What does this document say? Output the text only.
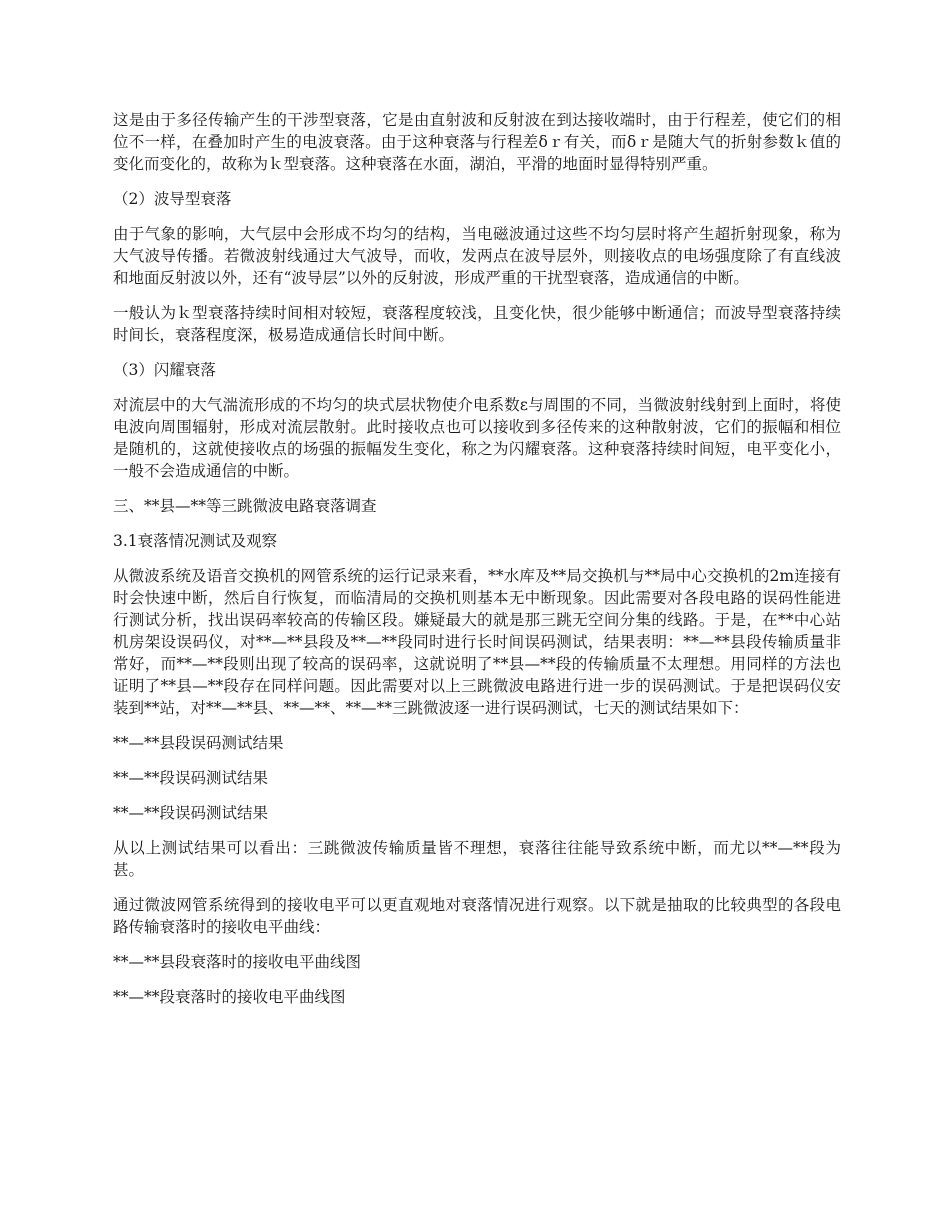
这是由于多径传输产生的干涉型衰落，它是由直射波和反射波在到达接收端时，由于行程差，使它们的相位不一样，在叠加时产生的电波衰落。由于这种衰落与行程差δｒ有关，而δｒ是随大气的折射参数ｋ值的变化而变化的，故称为ｋ型衰落。这种衰落在水面，湖泊，平滑的地面时显得特别严重。

（2）波导型衰落

由于气象的影响，大气层中会形成不均匀的结构，当电磁波通过这些不均匀层时将产生超折射现象，称为大气波导传播。若微波射线通过大气波导，而收，发两点在波导层外，则接收点的电场强度除了有直线波和地面反射波以外，还有“波导层”以外的反射波，形成严重的干扰型衰落，造成通信的中断。

一般认为ｋ型衰落持续时间相对较短，衰落程度较浅，且变化快，很少能够中断通信；而波导型衰落持续时间长，衰落程度深，极易造成通信长时间中断。

（3）闪耀衰落

对流层中的大气湍流形成的不均匀的块式层状物使介电系数ε与周围的不同，当微波射线射到上面时，将使电波向周围辐射，形成对流层散射。此时接收点也可以接收到多径传来的这种散射波，它们的振幅和相位是随机的，这就使接收点的场强的振幅发生变化，称之为闪耀衰落。这种衰落持续时间短，电平变化小，一般不会造成通信的中断。

三、**县—**等三跳微波电路衰落调查

3.1衰落情况测试及观察

从微波系统及语音交换机的网管系统的运行记录来看，**水库及**局交换机与**局中心交换机的2m连接有时会快速中断，然后自行恢复，而临清局的交换机则基本无中断现象。因此需要对各段电路的误码性能进行测试分析，找出误码率较高的传输区段。嫌疑最大的就是那三跳无空间分集的线路。于是，在**中心站机房架设误码仪，对**—**县段及**—**段同时进行长时间误码测试，结果表明：**—**县段传输质量非常好，而**—**段则出现了较高的误码率，这就说明了**县—**段的传输质量不太理想。用同样的方法也证明了**县—**段存在同样问题。因此需要对以上三跳微波电路进行进一步的误码测试。于是把误码仪安装到**站，对**—**县、**—**、**—**三跳微波逐一进行误码测试，七天的测试结果如下：

**—**县段误码测试结果

**—**段误码测试结果

**—**段误码测试结果

从以上测试结果可以看出：三跳微波传输质量皆不理想，衰落往往能导致系统中断，而尤以**—**段为甚。

通过微波网管系统得到的接收电平可以更直观地对衰落情况进行观察。以下就是抽取的比较典型的各段电路传输衰落时的接收电平曲线：

**—**县段衰落时的接收电平曲线图

**—**段衰落时的接收电平曲线图
